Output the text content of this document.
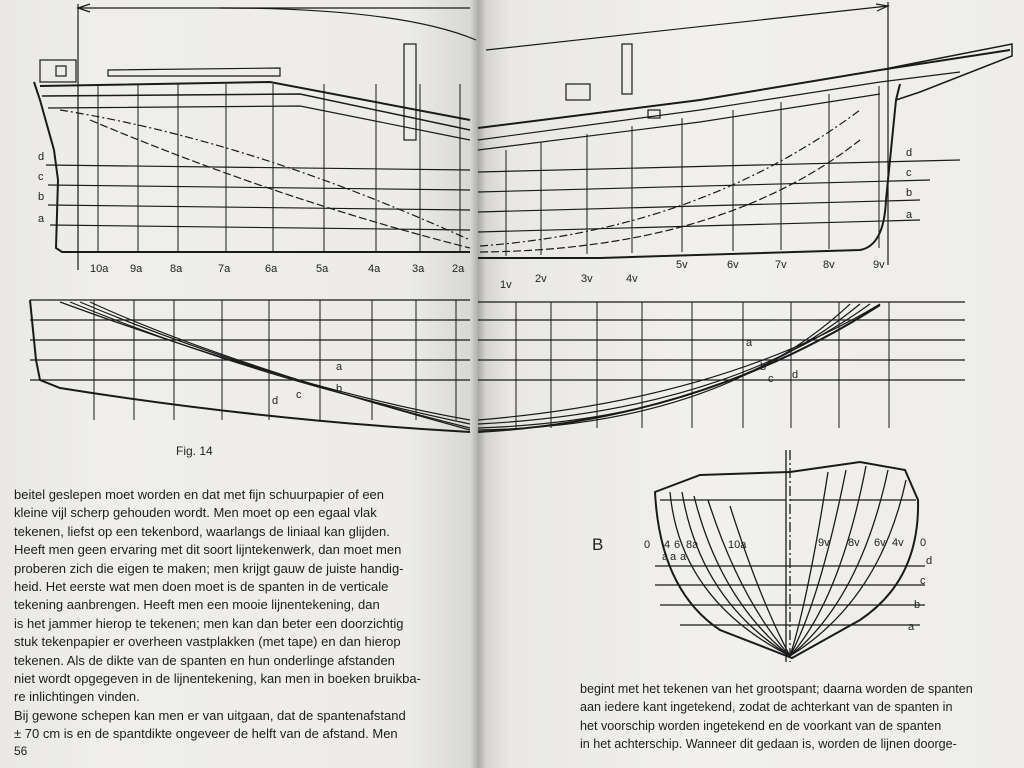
10a 9a	8a	7a	6a	5a	4a	3a	2a
1v 2v	3v	4v
5v	6v	7v	8v	9v
d	d
c	c
b	b
a	a
a
b
c
d
a
b
c d
0 4 6 8a	10a
a a a
9v 8v 6v 4v 0
d
c
b
a
Fig. 14
B
beitel geslepen moet worden en dat met fijn schuurpapier of een
kleine vijl scherp gehouden wordt. Men moet op een egaal vlak
tekenen, liefst op een tekenbord, waarlangs de liniaal kan glijden.
Heeft men geen ervaring met dit soort lijntekenwerk, dan moet men
proberen zich die eigen te maken; men krijgt gauw de juiste handig-
heid. Het eerste wat men doen moet is de spanten in de verticale
tekening aanbrengen. Heeft men een mooie lijnentekening, dan
is het jammer hierop te tekenen; men kan dan beter een doorzichtig
stuk tekenpapier er overheen vastplakken (met tape) en dan hierop
tekenen. Als de dikte van de spanten en hun onderlinge afstanden
niet wordt opgegeven in de lijnentekening, kan men in boeken bruikba-
re inlichtingen vinden.
Bij gewone schepen kan men er van uitgaan, dat de spantenafstand
± 70 cm is en de spantdikte ongeveer de helft van de afstand. Men
56
begint met het tekenen van het grootspant; daarna worden de spanten
aan iedere kant ingetekend, zodat de achterkant van de spanten in
het voorschip worden ingetekend en de voorkant van de spanten
in het achterschip. Wanneer dit gedaan is, worden de lijnen doorge-
